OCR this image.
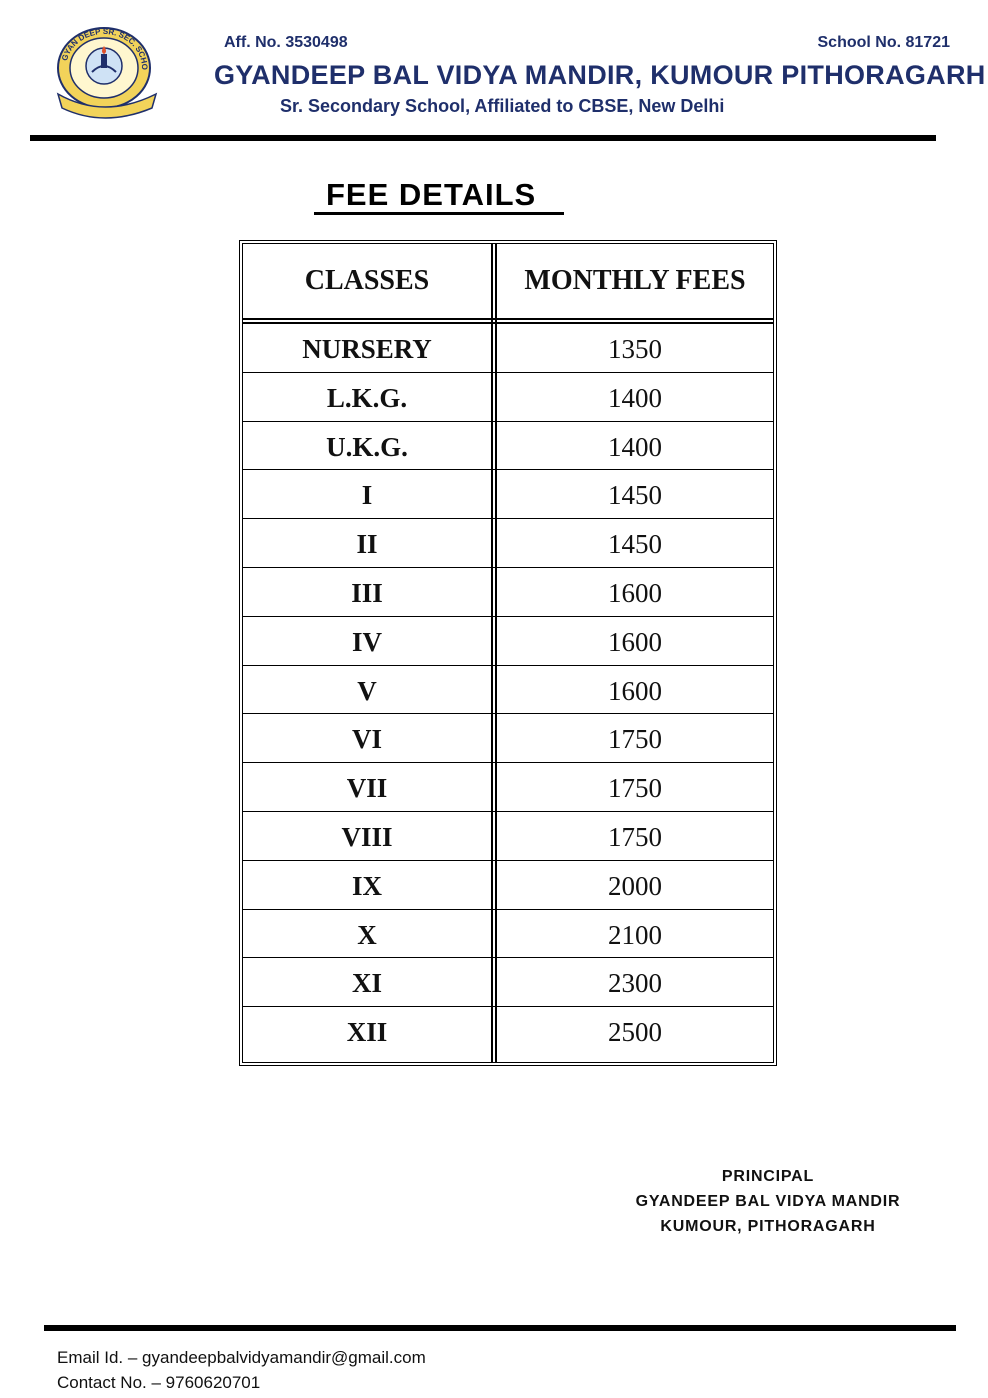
GYAN DEEP SR. SEC. SCHO
Aff. No. 3530498	School No. 81721
GYANDEEP BAL VIDYA MANDIR, KUMOUR PITHORAGARH
Sr. Secondary School, Affiliated to CBSE, New Delhi
FEE DETAILS
CLASSES	MONTHLY FEES
NURSERY	1350
L.K.G.	1400
U.K.G.	1400
I	1450
II	1450
III	1600
IV	1600
V	1600
VI	1750
VII	1750
VIII	1750
IX	2000
X	2100
XI	2300
XII	2500
PRINCIPAL
GYANDEEP BAL VIDYA MANDIR
KUMOUR, PITHORAGARH
Email Id. – gyandeepbalvidyamandir@gmail.com
Contact No. – 9760620701
